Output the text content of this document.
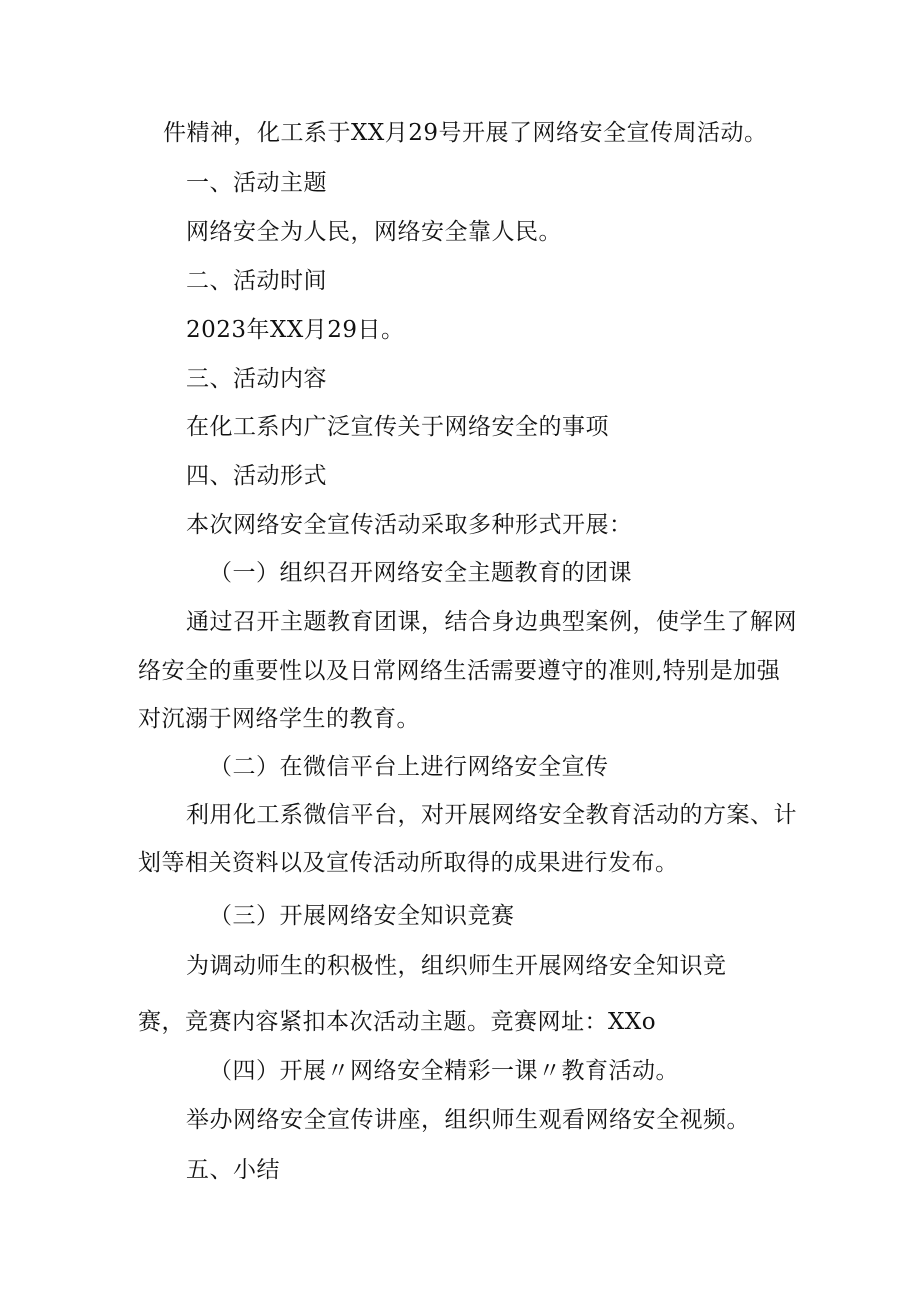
件精神，化工系于XX月29号开展了网络安全宣传周活动。
一、活动主题
网络安全为人民，网络安全靠人民。
二、活动时间
2023年XX月29日。
三、活动内容
在化工系内广泛宣传关于网络安全的事项
四、活动形式
本次网络安全宣传活动采取多种形式开展：
（一）组织召开网络安全主题教育的团课
通过召开主题教育团课，结合身边典型案例，使学生了解网
络安全的重要性以及日常网络生活需要遵守的准则,特别是加强
对沉溺于网络学生的教育。
（二）在微信平台上进行网络安全宣传
利用化工系微信平台，对开展网络安全教育活动的方案、计
划等相关资料以及宣传活动所取得的成果进行发布。
（三）开展网络安全知识竞赛
为调动师生的积极性，组织师生开展网络安全知识竞
赛，竞赛内容紧扣本次活动主题。竞赛网址：XXo
（四）开展〃网络安全精彩一课〃教育活动。
举办网络安全宣传讲座，组织师生观看网络安全视频。
五、小结
